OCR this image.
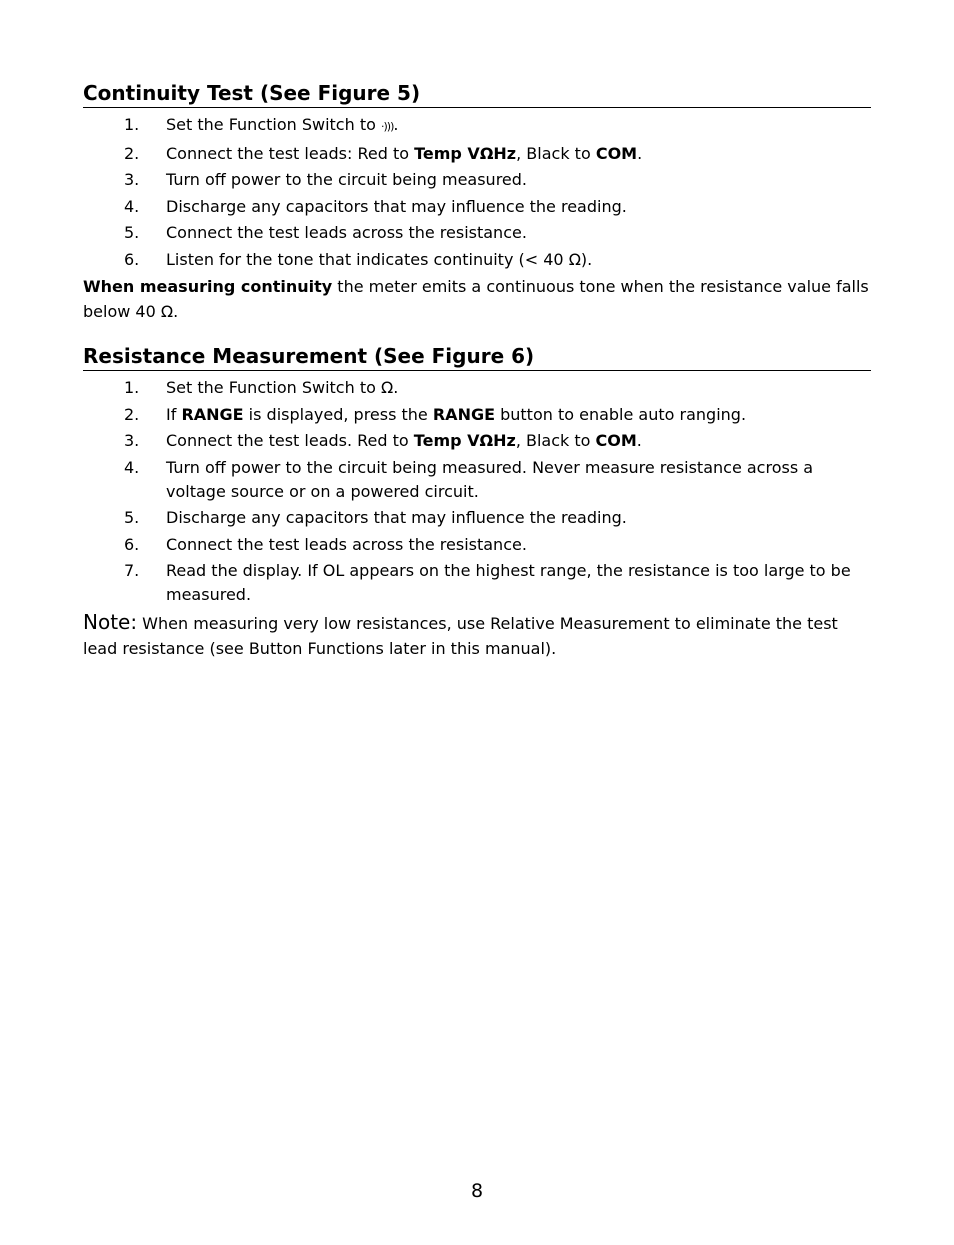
Continuity Test (See Figure 5)
1. Set the Function Switch to ·))).
2. Connect the test leads: Red to Temp VΩHz, Black to COM.
3. Turn off power to the circuit being measured.
4. Discharge any capacitors that may influence the reading.
5. Connect the test leads across the resistance.
6. Listen for the tone that indicates continuity (< 40 Ω).

When measuring continuity the meter emits a continuous tone when the resistance value falls below 40 Ω.

Resistance Measurement (See Figure 6)
1. Set the Function Switch to Ω.
2. If RANGE is displayed, press the RANGE button to enable auto ranging.
3. Connect the test leads. Red to Temp VΩHz, Black to COM.
4. Turn off power to the circuit being measured. Never measure resistance across a voltage source or on a powered circuit.
5. Discharge any capacitors that may influence the reading.
6. Connect the test leads across the resistance.
7. Read the display. If OL appears on the highest range, the resistance is too large to be measured.

Note: When measuring very low resistances, use Relative Measurement to eliminate the test lead resistance (see Button Functions later in this manual).

8
